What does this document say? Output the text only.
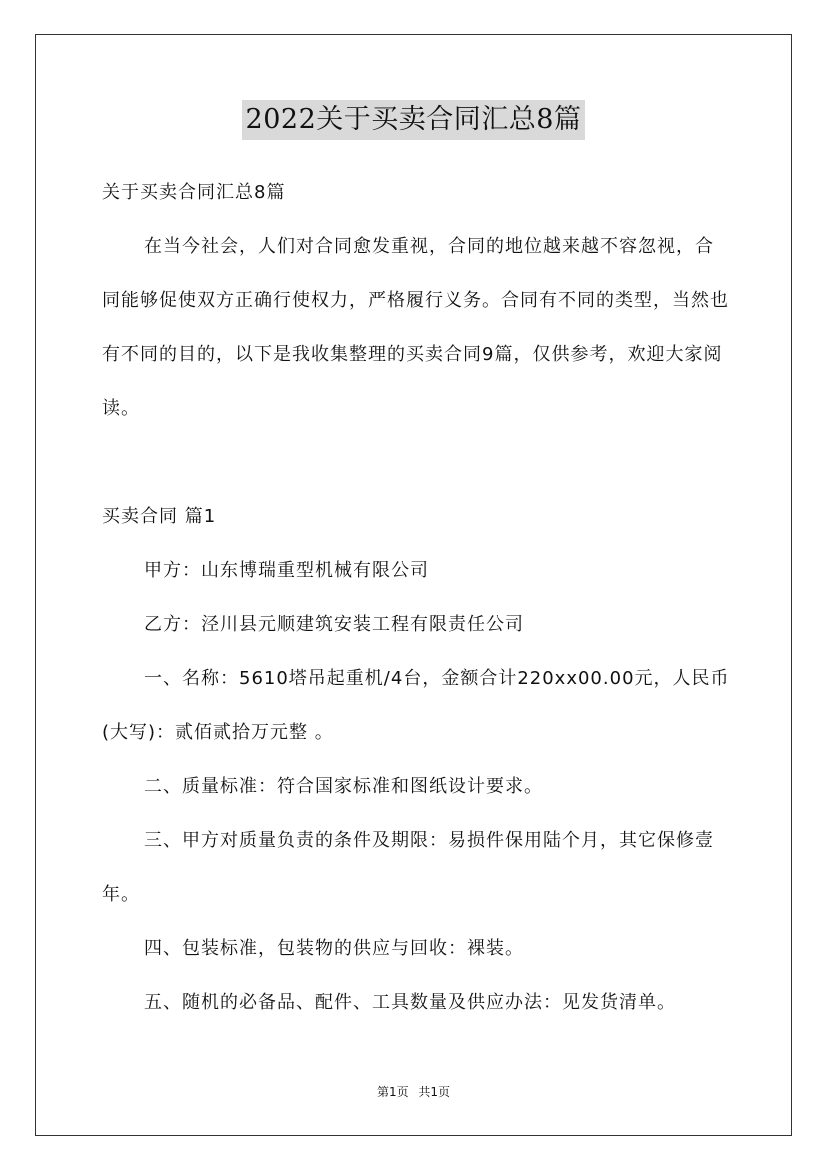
2022关于买卖合同汇总8篇

关于买卖合同汇总8篇

在当今社会，人们对合同愈发重视，合同的地位越来越不容忽视，合同能够促使双方正确行使权力，严格履行义务。合同有不同的类型，当然也有不同的目的，以下是我收集整理的买卖合同9篇，仅供参考，欢迎大家阅读。

买卖合同 篇1

甲方：山东博瑞重型机械有限公司

乙方：泾川县元顺建筑安装工程有限责任公司

一、名称：5610塔吊起重机/4台，金额合计220xx00.00元，人民币(大写)：贰佰贰拾万元整 。

二、质量标准：符合国家标准和图纸设计要求。

三、甲方对质量负责的条件及期限：易损件保用陆个月，其它保修壹年。

四、包装标准，包装物的供应与回收：裸装。

五、随机的必备品、配件、工具数量及供应办法：见发货清单。

第1页 共1页
